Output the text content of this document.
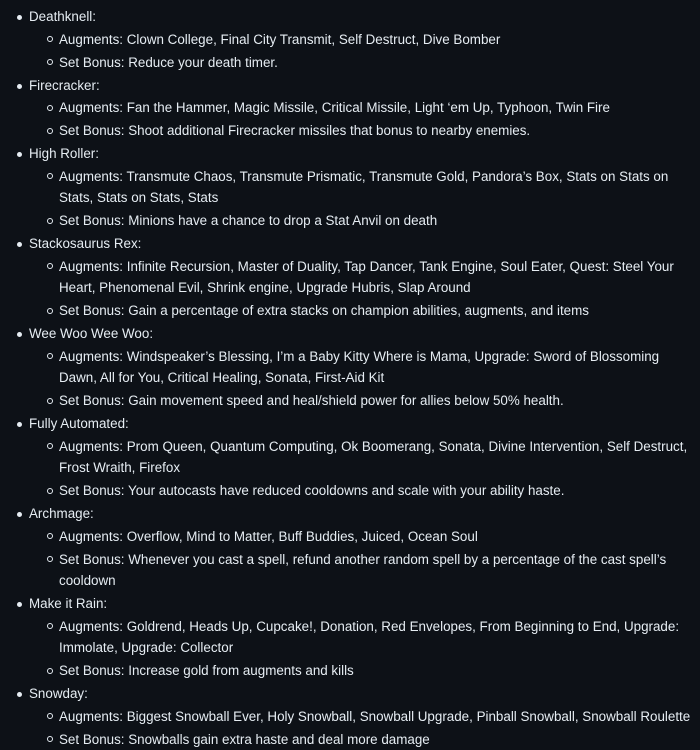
Deathknell:
Augments: Clown College, Final City Transmit, Self Destruct, Dive Bomber
Set Bonus: Reduce your death timer.
Firecracker:
Augments: Fan the Hammer, Magic Missile, Critical Missile, Light ‘em Up, Typhoon, Twin Fire
Set Bonus: Shoot additional Firecracker missiles that bonus to nearby enemies.
High Roller:
Augments: Transmute Chaos, Transmute Prismatic, Transmute Gold, Pandora’s Box, Stats on Stats on Stats, Stats on Stats, Stats
Set Bonus: Minions have a chance to drop a Stat Anvil on death
Stackosaurus Rex:
Augments: Infinite Recursion, Master of Duality, Tap Dancer, Tank Engine, Soul Eater, Quest: Steel Your Heart, Phenomenal Evil, Shrink engine, Upgrade Hubris, Slap Around
Set Bonus: Gain a percentage of extra stacks on champion abilities, augments, and items
Wee Woo Wee Woo:
Augments: Windspeaker’s Blessing, I’m a Baby Kitty Where is Mama, Upgrade: Sword of Blossoming Dawn, All for You, Critical Healing, Sonata, First-Aid Kit
Set Bonus: Gain movement speed and heal/shield power for allies below 50% health.
Fully Automated:
Augments: Prom Queen, Quantum Computing, Ok Boomerang, Sonata, Divine Intervention, Self Destruct, Frost Wraith, Firefox
Set Bonus: Your autocasts have reduced cooldowns and scale with your ability haste.
Archmage:
Augments: Overflow, Mind to Matter, Buff Buddies, Juiced, Ocean Soul
Set Bonus: Whenever you cast a spell, refund another random spell by a percentage of the cast spell’s cooldown
Make it Rain:
Augments: Goldrend, Heads Up, Cupcake!, Donation, Red Envelopes, From Beginning to End, Upgrade: Immolate, Upgrade: Collector
Set Bonus: Increase gold from augments and kills
Snowday:
Augments: Biggest Snowball Ever, Holy Snowball, Snowball Upgrade, Pinball Snowball, Snowball Roulette
Set Bonus: Snowballs gain extra haste and deal more damage
